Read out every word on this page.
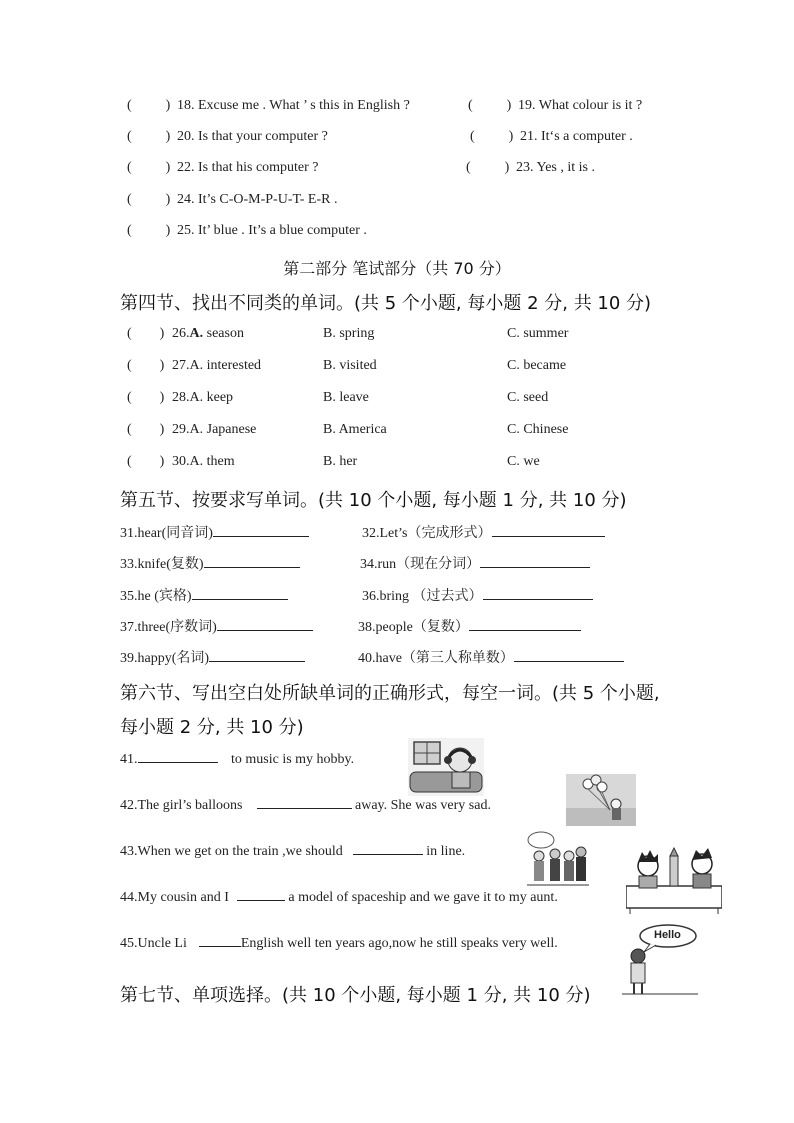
( ) 18. Excuse me . What ’ s this in English ?	( ) 19. What colour is it ?
( ) 20. Is that your computer ?	( ) 21. It‘s a computer .
( ) 22. Is that his computer ?	( ) 23. Yes , it is .
( ) 24. It’s C-O-M-P-U-T- E-R .
( ) 25. It’ blue . It’s a blue computer .
第二部分 笔试部分（共 70 分）
第四节、找出不同类的单词。(共 5 个小题, 每小题 2 分, 共 10 分)
( ) 26.A. season	B. spring	C. summer
( ) 27.A. interested	B. visited	C. became
( ) 28.A. keep	B. leave	C. seed
( ) 29.A. Japanese	B. America	C. Chinese
( ) 30.A. them	B. her	C. we
第五节、按要求写单词。(共 10 个小题, 每小题 1 分, 共 10 分)
31.hear(同音词)	32.Let’s（完成形式）
33.knife(复数)	34.run（现在分词）
35.he (宾格)	36.bring （过去式）
37.three(序数词)	38.people（复数）
39.happy(名词)	40.have（第三人称单数）
第六节、写出空白处所缺单词的正确形式，每空一词。(共 5 个小题,
每小题 2 分, 共 10 分)
41.	to music is my hobby.
42.The girl’s balloons	away. She was very sad.
43.When we get on the train ,we should	in line.
44.My cousin and I	a model of spaceship and we gave it to my aunt.
45.Uncle Li	English well ten years ago,now he still speaks very well.
第七节、单项选择。(共 10 个小题, 每小题 1 分, 共 10 分)
Hello
